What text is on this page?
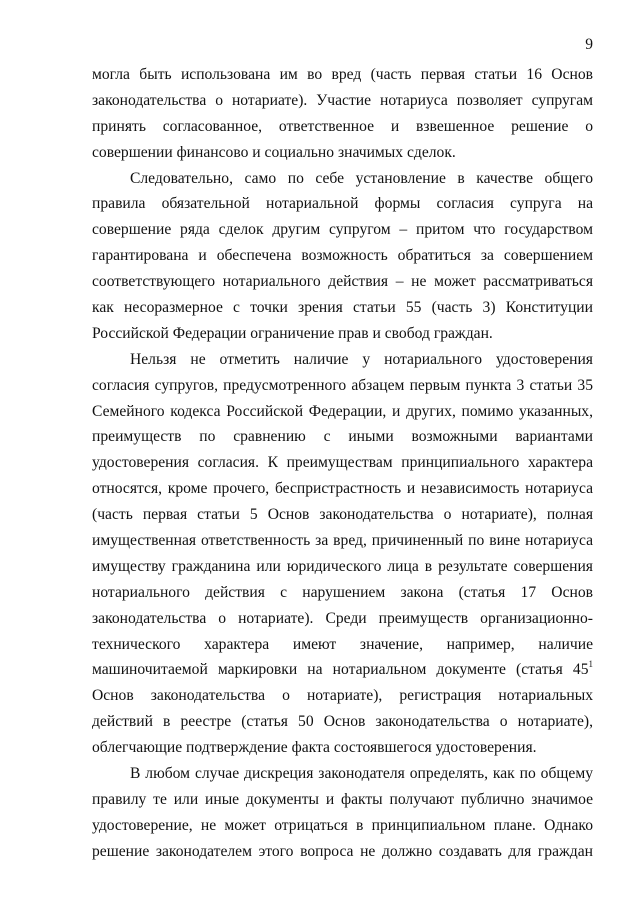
9
могла быть использована им во вред (часть первая статьи 16 Основ
законодательства о нотариате). Участие нотариуса позволяет супругам
принять согласованное, ответственное и взвешенное решение о
совершении финансово и социально значимых сделок.
Следовательно, само по себе установление в качестве общего
правила обязательной нотариальной формы согласия супруга на
совершение ряда сделок другим супругом – притом что государством
гарантирована и обеспечена возможность обратиться за совершением
соответствующего нотариального действия – не может рассматриваться
как несоразмерное с точки зрения статьи 55 (часть 3) Конституции
Российской Федерации ограничение прав и свобод граждан.
Нельзя не отметить наличие у нотариального удостоверения
согласия супругов, предусмотренного абзацем первым пункта 3 статьи 35
Семейного кодекса Российской Федерации, и других, помимо указанных,
преимуществ по сравнению с иными возможными вариантами
удостоверения согласия. К преимуществам принципиального характера
относятся, кроме прочего, беспристрастность и независимость нотариуса
(часть первая статьи 5 Основ законодательства о нотариате), полная
имущественная ответственность за вред, причиненный по вине нотариуса
имуществу гражданина или юридического лица в результате совершения
нотариального действия с нарушением закона (статья 17 Основ
законодательства о нотариате). Среди преимуществ организационно-
технического характера имеют значение, например, наличие
машиночитаемой маркировки на нотариальном документе (статья $45^1$
Основ законодательства о нотариате), регистрация нотариальных
действий в реестре (статья 50 Основ законодательства о нотариате),
облегчающие подтверждение факта состоявшегося удостоверения.
В любом случае дискреция законодателя определять, как по общему
правилу те или иные документы и факты получают публично значимое
удостоверение, не может отрицаться в принципиальном плане. Однако
решение законодателем этого вопроса не должно создавать для граждан
